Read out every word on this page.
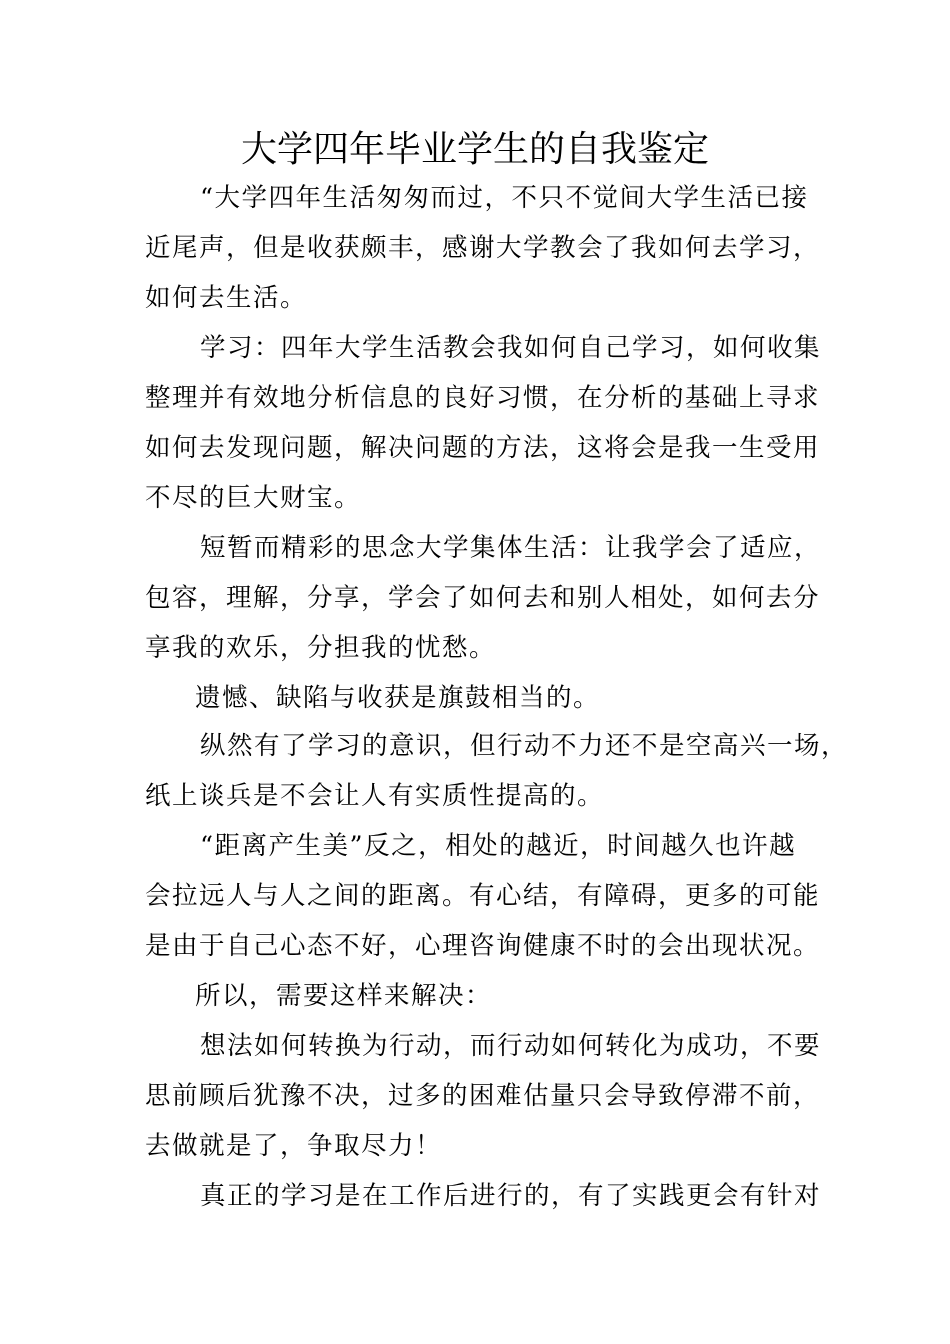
大学四年毕业学生的自我鉴定
“大学四年生活匆匆而过，不只不觉间大学生活已接
近尾声，但是收获颇丰，感谢大学教会了我如何去学习，
如何去生活。
学习：四年大学生活教会我如何自己学习，如何收集
整理并有效地分析信息的良好习惯，在分析的基础上寻求
如何去发现问题，解决问题的方法，这将会是我一生受用
不尽的巨大财宝。
短暂而精彩的思念大学集体生活：让我学会了适应，
包容，理解，分享，学会了如何去和别人相处，如何去分
享我的欢乐，分担我的忧愁。
遗憾、缺陷与收获是旗鼓相当的。
纵然有了学习的意识，但行动不力还不是空高兴一场，
纸上谈兵是不会让人有实质性提高的。
“距离产生美”反之，相处的越近，时间越久也许越
会拉远人与人之间的距离。有心结，有障碍，更多的可能
是由于自己心态不好，心理咨询健康不时的会出现状况。
所以，需要这样来解决：
想法如何转换为行动，而行动如何转化为成功，不要
思前顾后犹豫不决，过多的困难估量只会导致停滞不前，
去做就是了，争取尽力！
真正的学习是在工作后进行的，有了实践更会有针对
